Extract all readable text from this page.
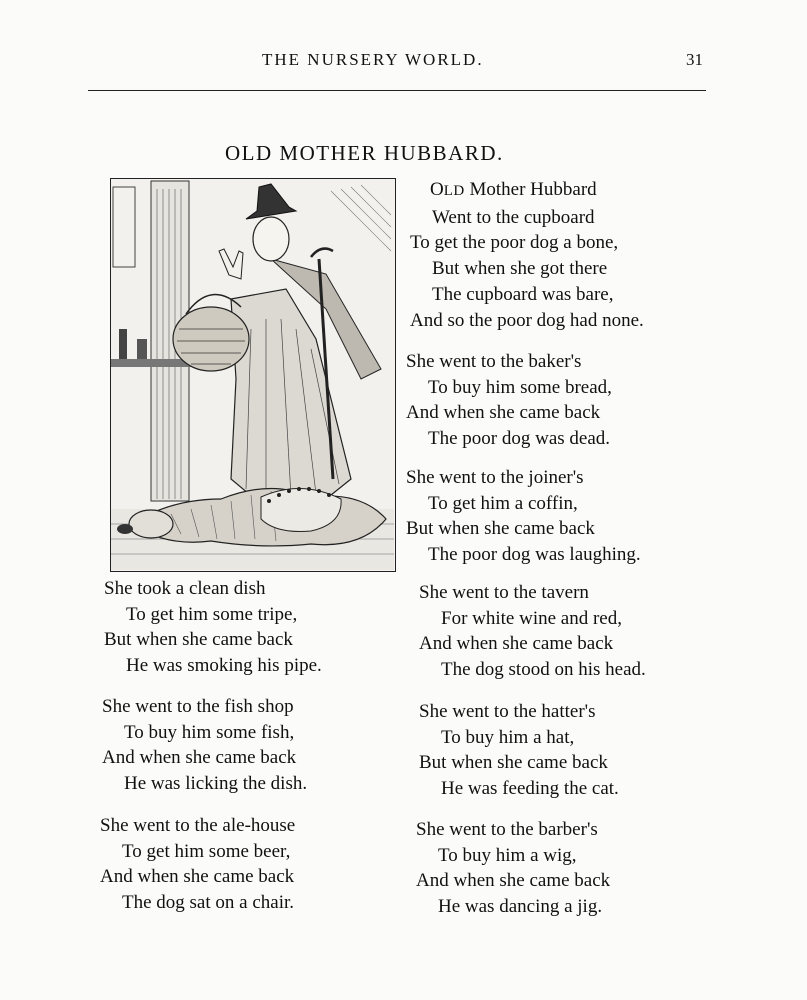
THE NURSERY WORLD.	31
OLD MOTHER HUBBARD.
OLD Mother Hubbard
Went to the cupboard
To get the poor dog a bone,
But when she got there
The cupboard was bare,
And so the poor dog had none.
She went to the baker's
To buy him some bread,
And when she came back
The poor dog was dead.
She went to the joiner's
To get him a coffin,
But when she came back
The poor dog was laughing.
She went to the tavern
For white wine and red,
And when she came back
The dog stood on his head.
She went to the hatter's
To buy him a hat,
But when she came back
He was feeding the cat.
She went to the barber's
To buy him a wig,
And when she came back
He was dancing a jig.
She took a clean dish
To get him some tripe,
But when she came back
He was smoking his pipe.
She went to the fish shop
To buy him some fish,
And when she came back
He was licking the dish.
She went to the ale-house
To get him some beer,
And when she came back
The dog sat on a chair.
